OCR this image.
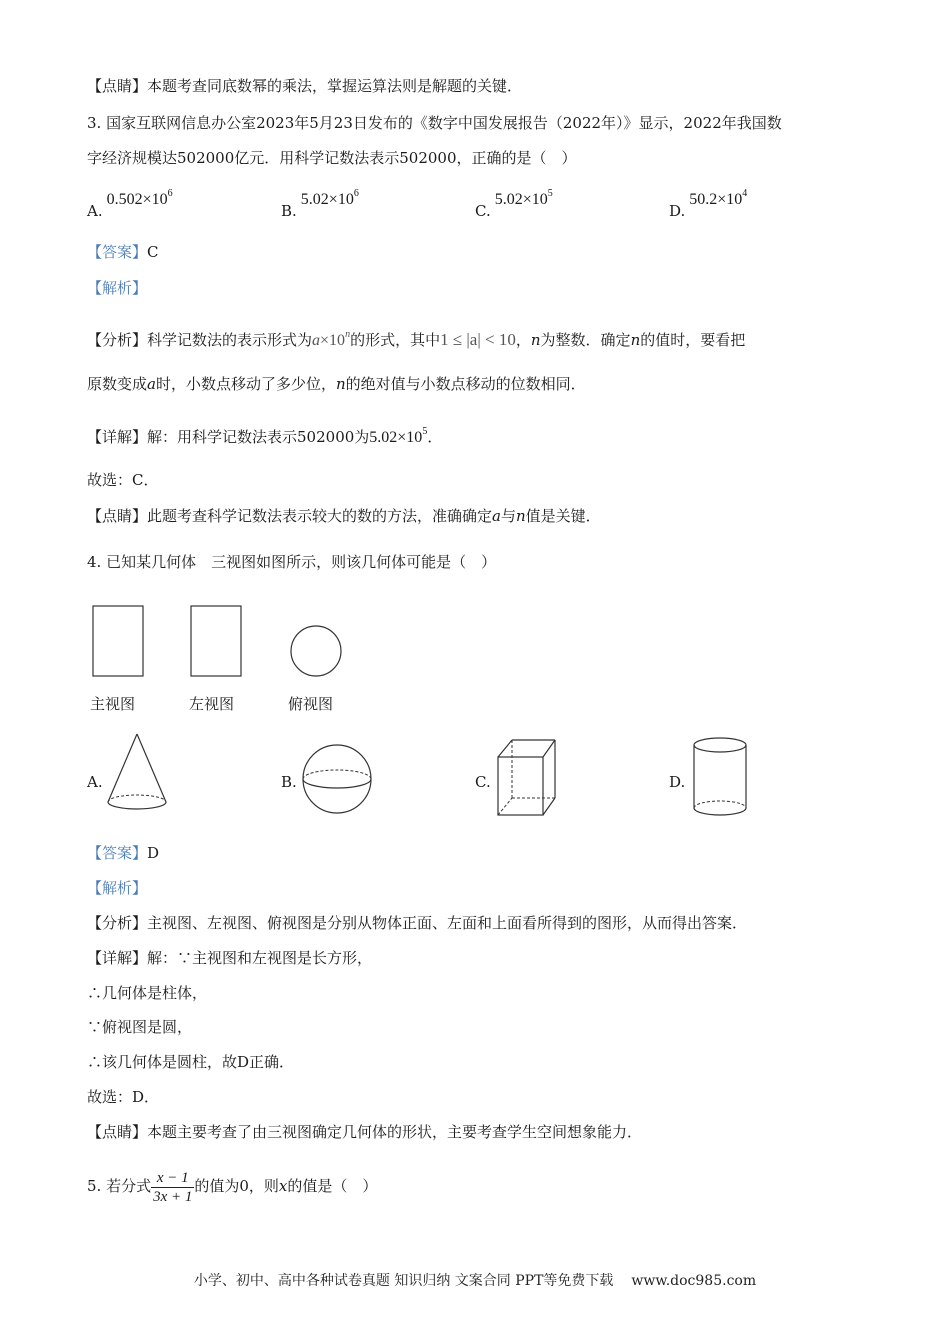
【点睛】本题考查同底数幂的乘法，掌握运算法则是解题的关键．
3. 国家互联网信息办公室2023年5月23日发布的《数字中国发展报告（2022年）》显示，2022年我国数
字经济规模达502000亿元．用科学记数法表示502000，正确的是（　）
$A.0.502\times 10^6$
$B.5.02\times 10^6$
$C.5.02\times 10^5$
$D.50.2\times 10^4$
【答案】C
【解析】
【分析】科学记数法的表示形式为$a\times 10^n$的形式，其中1 ≤ |a| < 10，n为整数．确定n的值时，要看把
原数变成a时，小数点移动了多少位，n的绝对值与小数点移动的位数相同．
【详解】解：用科学记数法表示502000为$5.02\times 10^5$．
故选：C．
【点睛】此题考查科学记数法表示较大的数的方法，准确确定a与n值是关键．
4. 已知某几何体　三视图如图所示，则该几何体可能是（　）
主视图	左视图	俯视图
A.	B.	C.	D.
【答案】D
【解析】
【分析】主视图、左视图、俯视图是分别从物体正面、左面和上面看所得到的图形，从而得出答案．
【详解】解：∵主视图和左视图是长方形，
∴几何体是柱体，
∵俯视图是圆，
∴该几何体是圆柱，故D正确．
故选：D．
【点睛】本题主要考查了由三视图确定几何体的形状，主要考查学生空间想象能力．
5. 若分式 $\frac{x - 1}{3x + 1}$ 的值为0，则x的值是（　）
小学、初中、高中各种试卷真题 知识归纳 文案合同 PPT等免费下载 www.doc985.com
